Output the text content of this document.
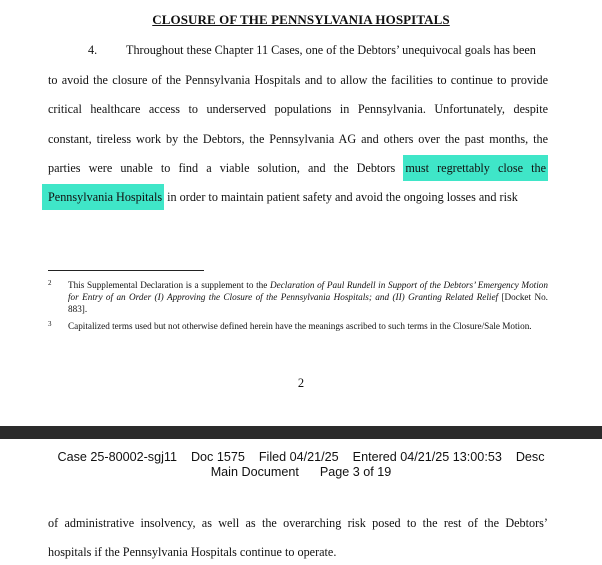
CLOSURE OF THE PENNSYLVANIA HOSPITALS
4. Throughout these Chapter 11 Cases, one of the Debtors’ unequivocal goals has been
to avoid the closure of the Pennsylvania Hospitals and to allow the facilities to continue to provide
critical healthcare access to underserved populations in Pennsylvania. Unfortunately, despite
constant, tireless work by the Debtors, the Pennsylvania AG and others over the past months, the
parties were unable to find a viable solution, and the Debtors must regrettably close the
Pennsylvania Hospitals in order to maintain patient safety and avoid the ongoing losses and risk
2 This Supplemental Declaration is a supplement to the Declaration of Paul Rundell in Support of the Debtors’ Emergency Motion for Entry of an Order (I) Approving the Closure of the Pennsylvania Hospitals; and (II) Granting Related Relief [Docket No. 883].
3 Capitalized terms used but not otherwise defined herein have the meanings ascribed to such terms in the Closure/Sale Motion.
2
Case 25-80002-sgj11    Doc 1575    Filed 04/21/25    Entered 04/21/25 13:00:53    Desc
Main Document      Page 3 of 19
of administrative insolvency, as well as the overarching risk posed to the rest of the Debtors’
hospitals if the Pennsylvania Hospitals continue to operate.
